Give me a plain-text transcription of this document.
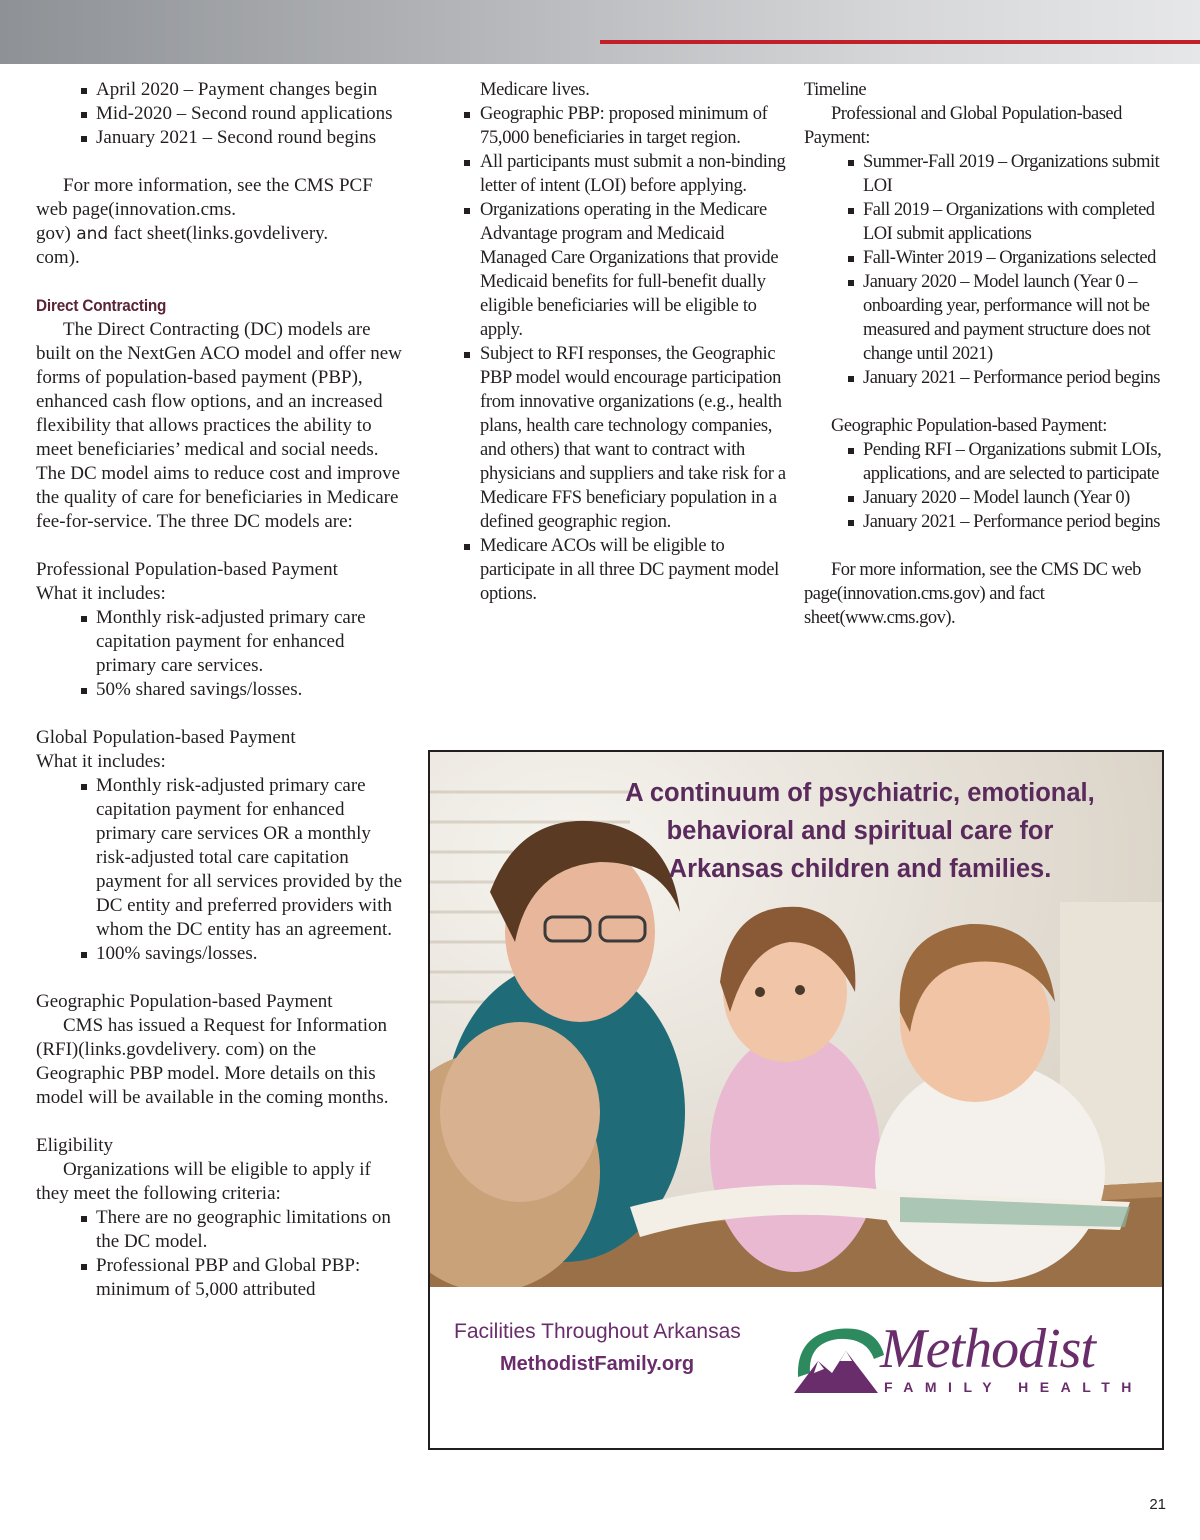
April 2020 – Payment changes begin
Mid-2020 – Second round applications
January 2021 – Second round begins

For more information, see the CMS PCF web page(innovation.cms.
gov) and fact sheet(links.govdelivery.
com).

Direct Contracting

The Direct Contracting (DC) models are built on the NextGen ACO model and offer new forms of population-based payment (PBP), enhanced cash flow options, and an increased flexibility that allows practices the ability to meet beneficiaries’ medical and social needs. The DC model aims to reduce cost and improve the quality of care for beneficiaries in Medicare fee-for-service. The three DC models are:

Professional Population-based Payment

What it includes:

Monthly risk-adjusted primary care capitation payment for enhanced primary care services.
50% shared savings/losses.

Global Population-based Payment

What it includes:

Monthly risk-adjusted primary care capitation payment for enhanced primary care services OR a monthly risk-adjusted total care capitation payment for all services provided by the DC entity and preferred providers with whom the DC entity has an agreement.
100% savings/losses.

Geographic Population-based Payment

CMS has issued a Request for Information (RFI)(links.govdelivery. com) on the Geographic PBP model. More details on this model will be available in the coming months.

Eligibility

Organizations will be eligible to apply if they meet the following criteria:

There are no geographic limitations on the DC model.
Professional PBP and Global PBP: minimum of 5,000 attributed

Medicare lives.

Geographic PBP: proposed minimum of 75,000 beneficiaries in target region.
All participants must submit a non-binding letter of intent (LOI) before applying.
Organizations operating in the Medicare Advantage program and Medicaid Managed Care Organizations that provide Medicaid benefits for full-benefit dually eligible beneficiaries will be eligible to apply.
Subject to RFI responses, the Geographic PBP model would encourage participation from innovative organizations (e.g., health plans, health care technology companies, and others) that want to contract with physicians and suppliers and take risk for a Medicare FFS beneficiary population in a defined geographic region.
Medicare ACOs will be eligible to participate in all three DC payment model options.

Timeline

Professional and Global Population-based Payment:

Summer-Fall 2019 – Organizations submit LOI
Fall 2019 – Organizations with completed LOI submit applications
Fall-Winter 2019 – Organizations selected
January 2020 – Model launch (Year 0 – onboarding year, performance will not be measured and payment structure does not change until 2021)
January 2021 – Performance period begins

Geographic Population-based Payment:

Pending RFI – Organizations submit LOIs, applications, and are selected to participate
January 2020 – Model launch (Year 0)
January 2021 – Performance period begins

For more information, see the CMS DC web page(innovation.cms.gov) and fact sheet(www.cms.gov).

A continuum of psychiatric, emotional,
behavioral and spiritual care for
Arkansas children and families.
Facilities Throughout Arkansas
MethodistFamily.org	Methodist
FAMILY HEALTH
21
